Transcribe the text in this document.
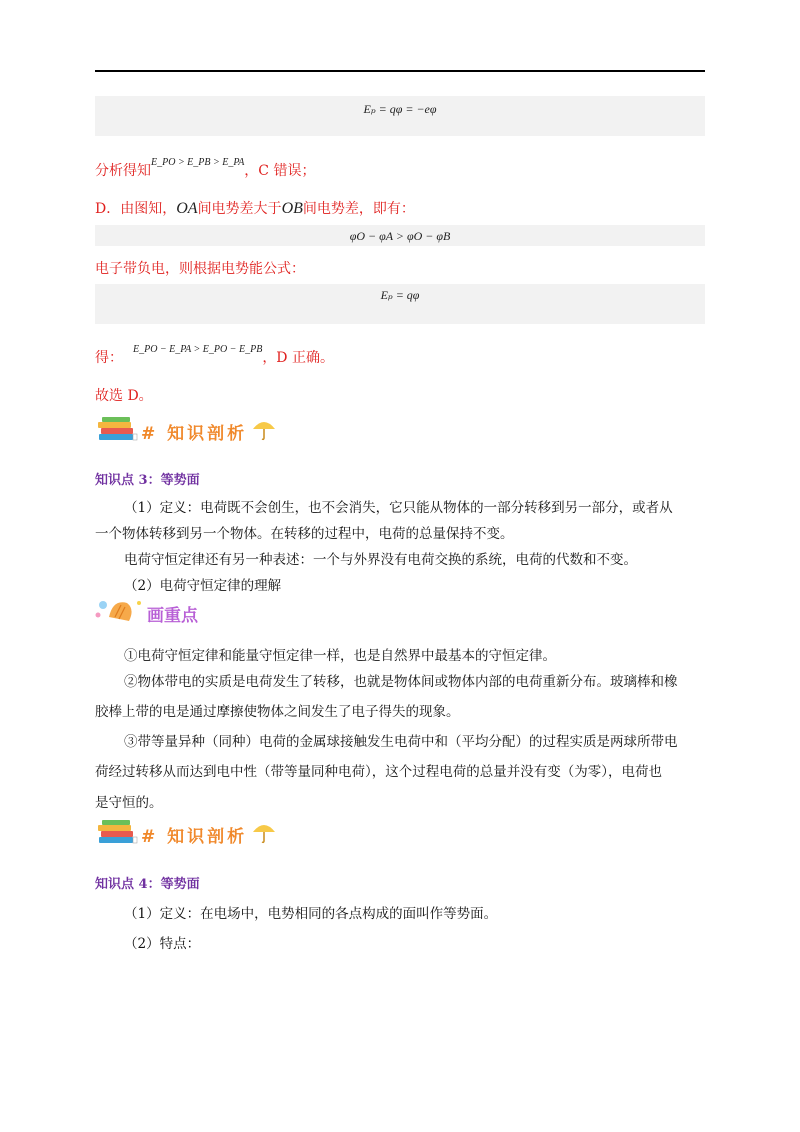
Eₚ = qφ = −eφ
分析得知$^{E\_PO > E\_PB > E\_PA}$，C 错误；
D．由图知，OA间电势差大于OB间电势差，即有：
φO − φA > φO − φB
电子带负电，则根据电势能公式：
Eₚ = qφ
得：$^{E\_PO - E\_PA > E\_PO - E\_PB}$，D 正确。
故选 D。
# 知识剖析
知识点 3：等势面
（1）定义：电荷既不会创生，也不会消失，它只能从物体的一部分转移到另一部分，或者从
一个物体转移到另一个物体。在转移的过程中，电荷的总量保持不变。
电荷守恒定律还有另一种表述：一个与外界没有电荷交换的系统，电荷的代数和不变。
（2）电荷守恒定律的理解
画重点
①电荷守恒定律和能量守恒定律一样，也是自然界中最基本的守恒定律。
②物体带电的实质是电荷发生了转移，也就是物体间或物体内部的电荷重新分布。玻璃棒和橡
胶棒上带的电是通过摩擦使物体之间发生了电子得失的现象。
③带等量异种（同种）电荷的金属球接触发生电荷中和（平均分配）的过程实质是两球所带电
荷经过转移从而达到电中性（带等量同种电荷），这个过程电荷的总量并没有变（为零），电荷也
是守恒的。
# 知识剖析
知识点 4：等势面
（1）定义：在电场中，电势相同的各点构成的面叫作等势面。
（2）特点：
